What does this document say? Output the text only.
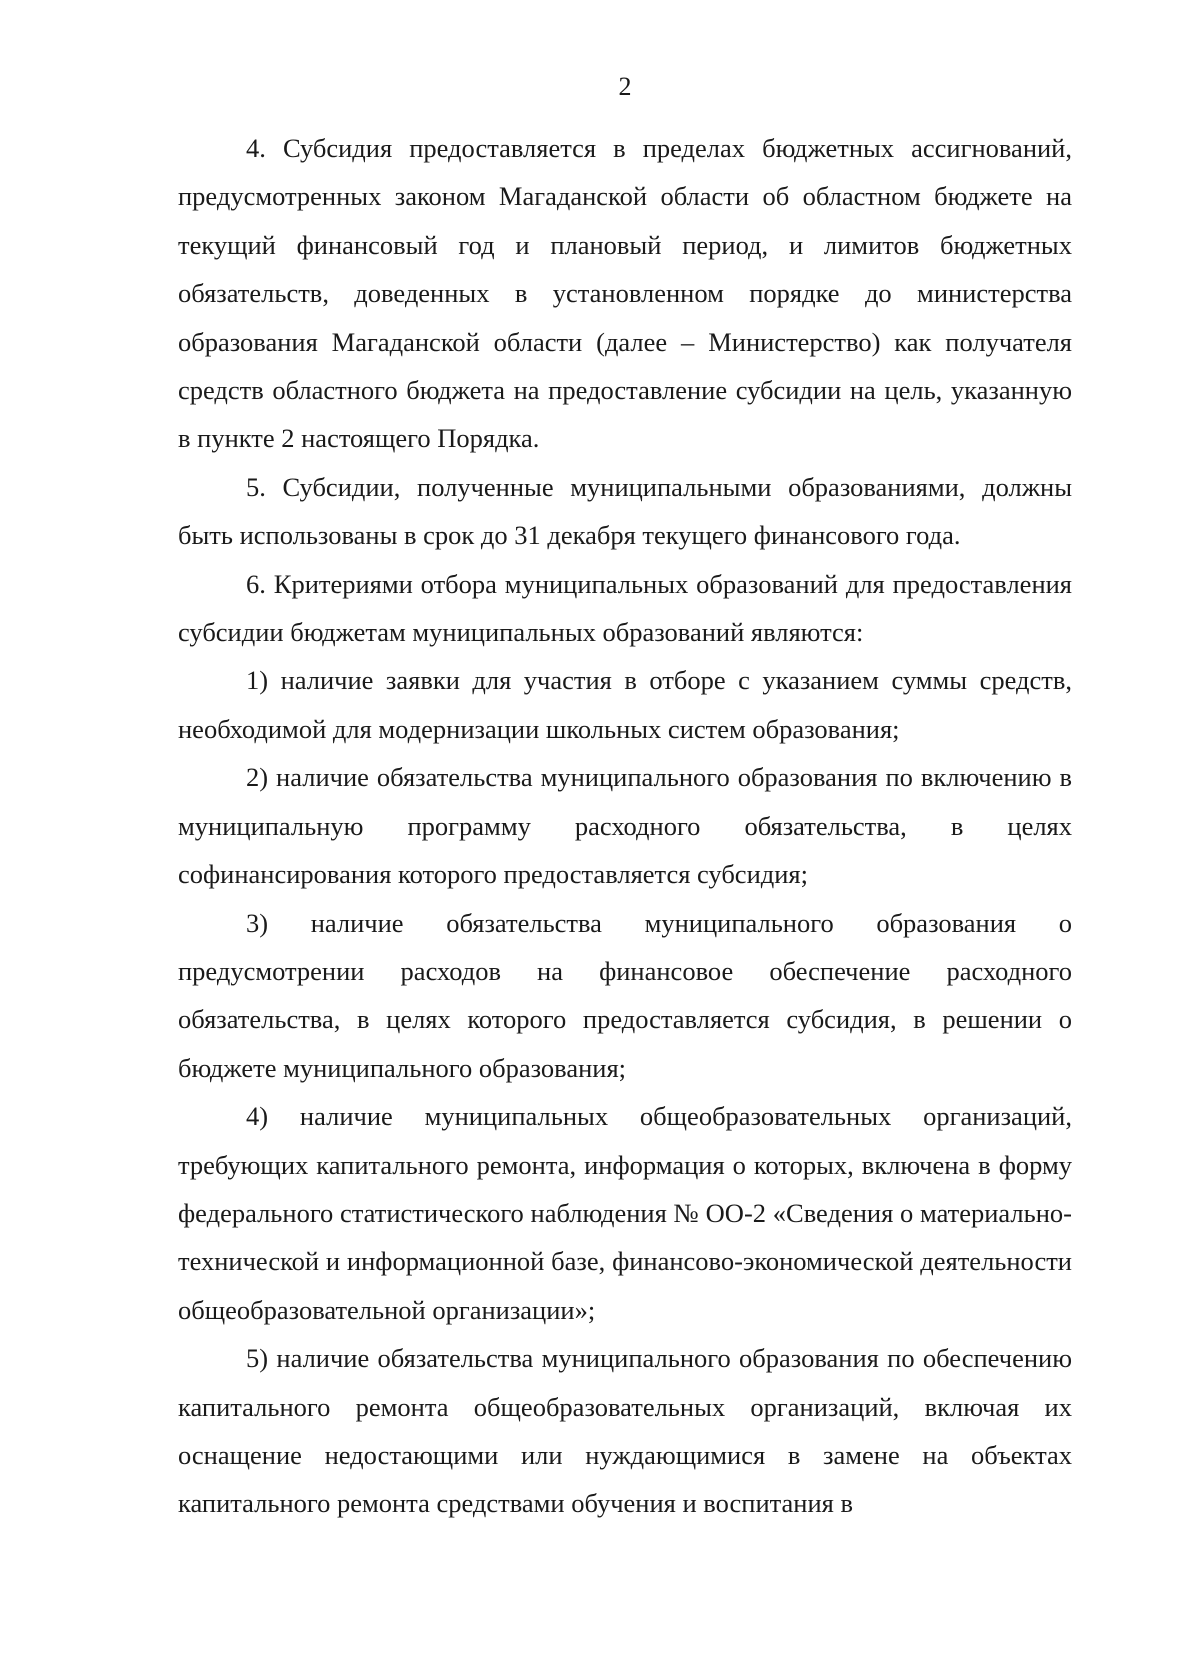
2

4. Субсидия предоставляется в пределах бюджетных ассигнований, предусмотренных законом Магаданской области об областном бюджете на текущий финансовый год и плановый период, и лимитов бюджетных обязательств, доведенных в установленном порядке до министерства образования Магаданской области (далее – Министерство) как получателя средств областного бюджета на предоставление субсидии на цель, указанную в пункте 2 настоящего Порядка.

5. Субсидии, полученные муниципальными образованиями, должны быть использованы в срок до 31 декабря текущего финансового года.

6. Критериями отбора муниципальных образований для предоставления субсидии бюджетам муниципальных образований являются:

1) наличие заявки для участия в отборе с указанием суммы средств, необходимой для модернизации школьных систем образования;

2) наличие обязательства муниципального образования по включению в муниципальную программу расходного обязательства, в целях софинансирования которого предоставляется субсидия;

3) наличие обязательства муниципального образования о предусмотрении расходов на финансовое обеспечение расходного обязательства, в целях которого предоставляется субсидия, в решении о бюджете муниципального образования;

4) наличие муниципальных общеобразовательных организаций, требующих капитального ремонта, информация о которых, включена в форму федерального статистического наблюдения № ОО-2 «Сведения о материально-технической и информационной базе, финансово-экономической деятельности общеобразовательной организации»;

5) наличие обязательства муниципального образования по обеспечению капитального ремонта общеобразовательных организаций, включая их оснащение недостающими или нуждающимися в замене на объектах капитального ремонта средствами обучения и воспитания в
